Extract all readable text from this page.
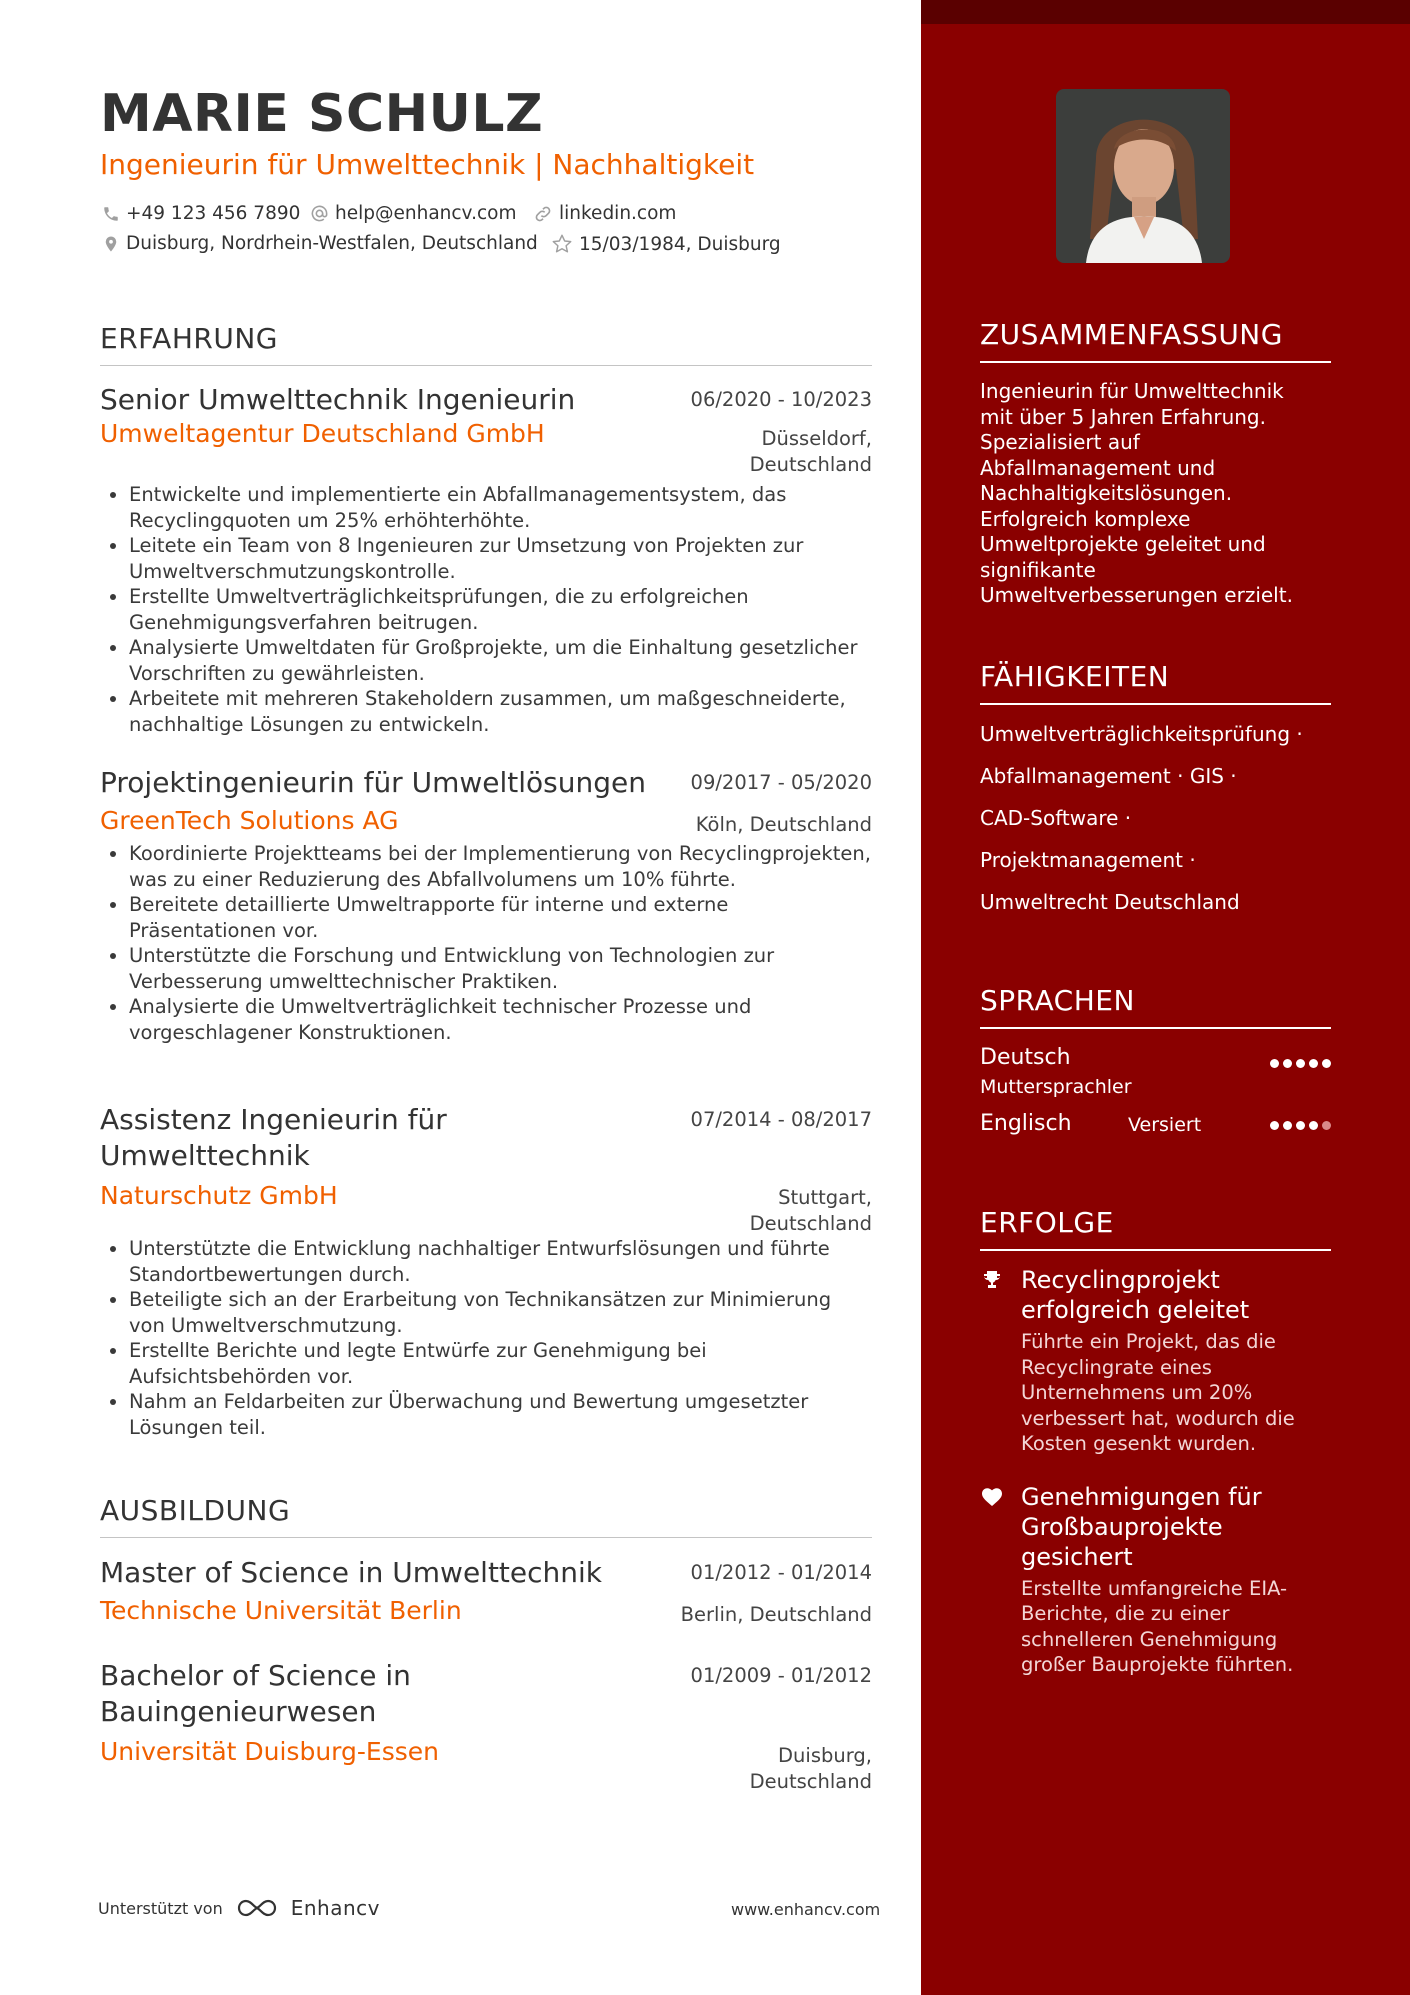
MARIE SCHULZ
Ingenieurin für Umwelttechnik | Nachhaltigkeit
+49 123 456 7890 help@enhancv.com linkedin.com
Duisburg, Nordrhein-Westfalen, Deutschland 15/03/1984, Duisburg
ERFAHRUNG
Senior Umwelttechnik Ingenieurin	06/2020 - 10/2023
Umweltagentur Deutschland GmbH	Düsseldorf,
Deutschland
Entwickelte und implementierte ein Abfallmanagementsystem, das Recyclingquoten um 25% erhöhterhöhte.
Leitete ein Team von 8 Ingenieuren zur Umsetzung von Projekten zur Umweltverschmutzungskontrolle.
Erstellte Umweltverträglichkeitsprüfungen, die zu erfolgreichen Genehmigungsverfahren beitrugen.
Analysierte Umweltdaten für Großprojekte, um die Einhaltung gesetzlicher Vorschriften zu gewährleisten.
Arbeitete mit mehreren Stakeholdern zusammen, um maßgeschneiderte, nachhaltige Lösungen zu entwickeln.
Projektingenieurin für Umweltlösungen	09/2017 - 05/2020
GreenTech Solutions AG	Köln, Deutschland
Koordinierte Projektteams bei der Implementierung von Recyclingprojekten, was zu einer Reduzierung des Abfallvolumens um 10% führte.
Bereitete detaillierte Umweltrapporte für interne und externe Präsentationen vor.
Unterstützte die Forschung und Entwicklung von Technologien zur Verbesserung umwelttechnischer Praktiken.
Analysierte die Umweltverträglichkeit technischer Prozesse und vorgeschlagener Konstruktionen.
Assistenz Ingenieurin für
Umwelttechnik
07/2014 - 08/2017
Naturschutz GmbH	Stuttgart,
Deutschland
Unterstützte die Entwicklung nachhaltiger Entwurfslösungen und führte Standortbewertungen durch.
Beteiligte sich an der Erarbeitung von Technikansätzen zur Minimierung von Umweltverschmutzung.
Erstellte Berichte und legte Entwürfe zur Genehmigung bei Aufsichtsbehörden vor.
Nahm an Feldarbeiten zur Überwachung und Bewertung umgesetzter Lösungen teil.
AUSBILDUNG
Master of Science in Umwelttechnik	01/2012 - 01/2014
Technische Universität Berlin	Berlin, Deutschland
Bachelor of Science in
Bauingenieurwesen
01/2009 - 01/2012
Universität Duisburg-Essen	Duisburg,
Deutschland
Unterstützt von	Enhancv	www.enhancv.com
ZUSAMMENFASSUNG
Ingenieurin für Umwelttechnik
mit über 5 Jahren Erfahrung.
Spezialisiert auf
Abfallmanagement und
Nachhaltigkeitslösungen.
Erfolgreich komplexe
Umweltprojekte geleitet und
signifikante
Umweltverbesserungen erzielt.
FÄHIGKEITEN
Umweltverträglichkeitsprüfung ·
Abfallmanagement · GIS ·
CAD-Software ·
Projektmanagement ·
Umweltrecht Deutschland
SPRACHEN
Deutsch
Muttersprachler
Englisch	Versiert
ERFOLGE
Recyclingprojekt
erfolgreich geleitet
Führte ein Projekt, das die
Recyclingrate eines
Unternehmens um 20%
verbessert hat, wodurch die
Kosten gesenkt wurden.
Genehmigungen für
Großbauprojekte
gesichert
Erstellte umfangreiche EIA-
Berichte, die zu einer
schnelleren Genehmigung
großer Bauprojekte führten.
